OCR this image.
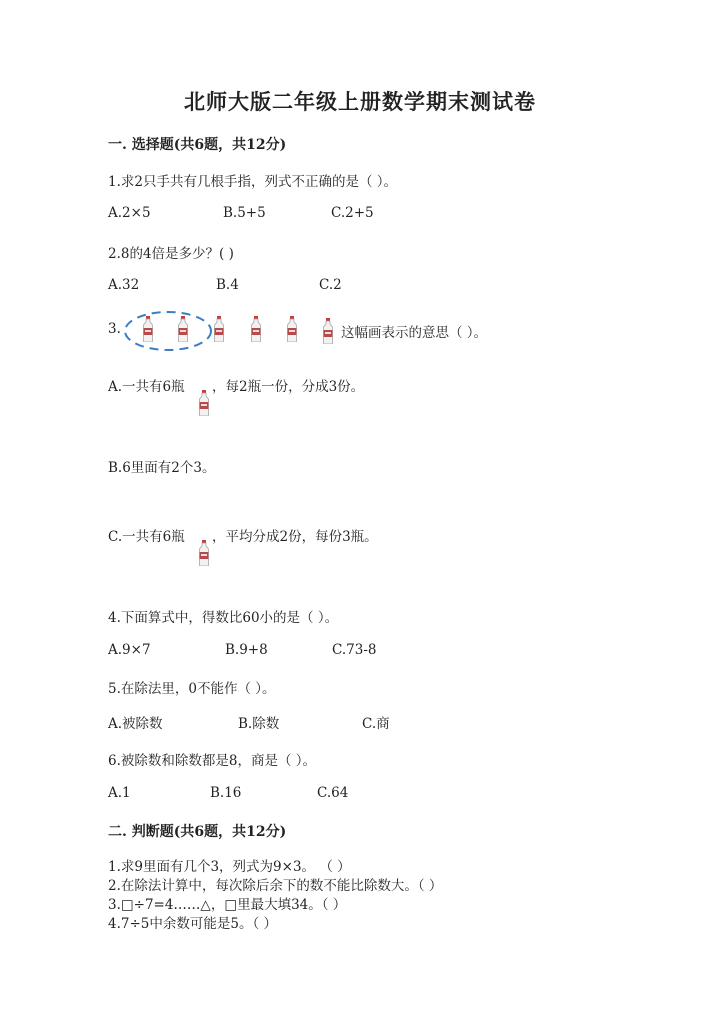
北师大版二年级上册数学期末测试卷
一. 选择题(共6题，共12分)
1.求2只手共有几根手指，列式不正确的是（ ）。
A.2×5	B.5+5	C.2+5
2.8的4倍是多少？( )
A.32	B.4	C.2
3.	这幅画表示的意思（ ）。
A.一共有6瓶 ，每2瓶一份，分成3份。
B.6里面有2个3。
C.一共有6瓶 ，平均分成2份，每份3瓶。
4.下面算式中，得数比60小的是（ ）。
A.9×7	B.9+8	C.73-8
5.在除法里，0不能作（ ）。
A.被除数	B.除数	C.商
6.被除数和除数都是8，商是（ ）。
A.1	B.16	C.64
二. 判断题(共6题，共12分)
1.求9里面有几个3，列式为9×3。 （ ）
2.在除法计算中，每次除后余下的数不能比除数大。（ ）
3.□÷7=4……△，□里最大填34。（ ）
4.7÷5中余数可能是5。（ ）
